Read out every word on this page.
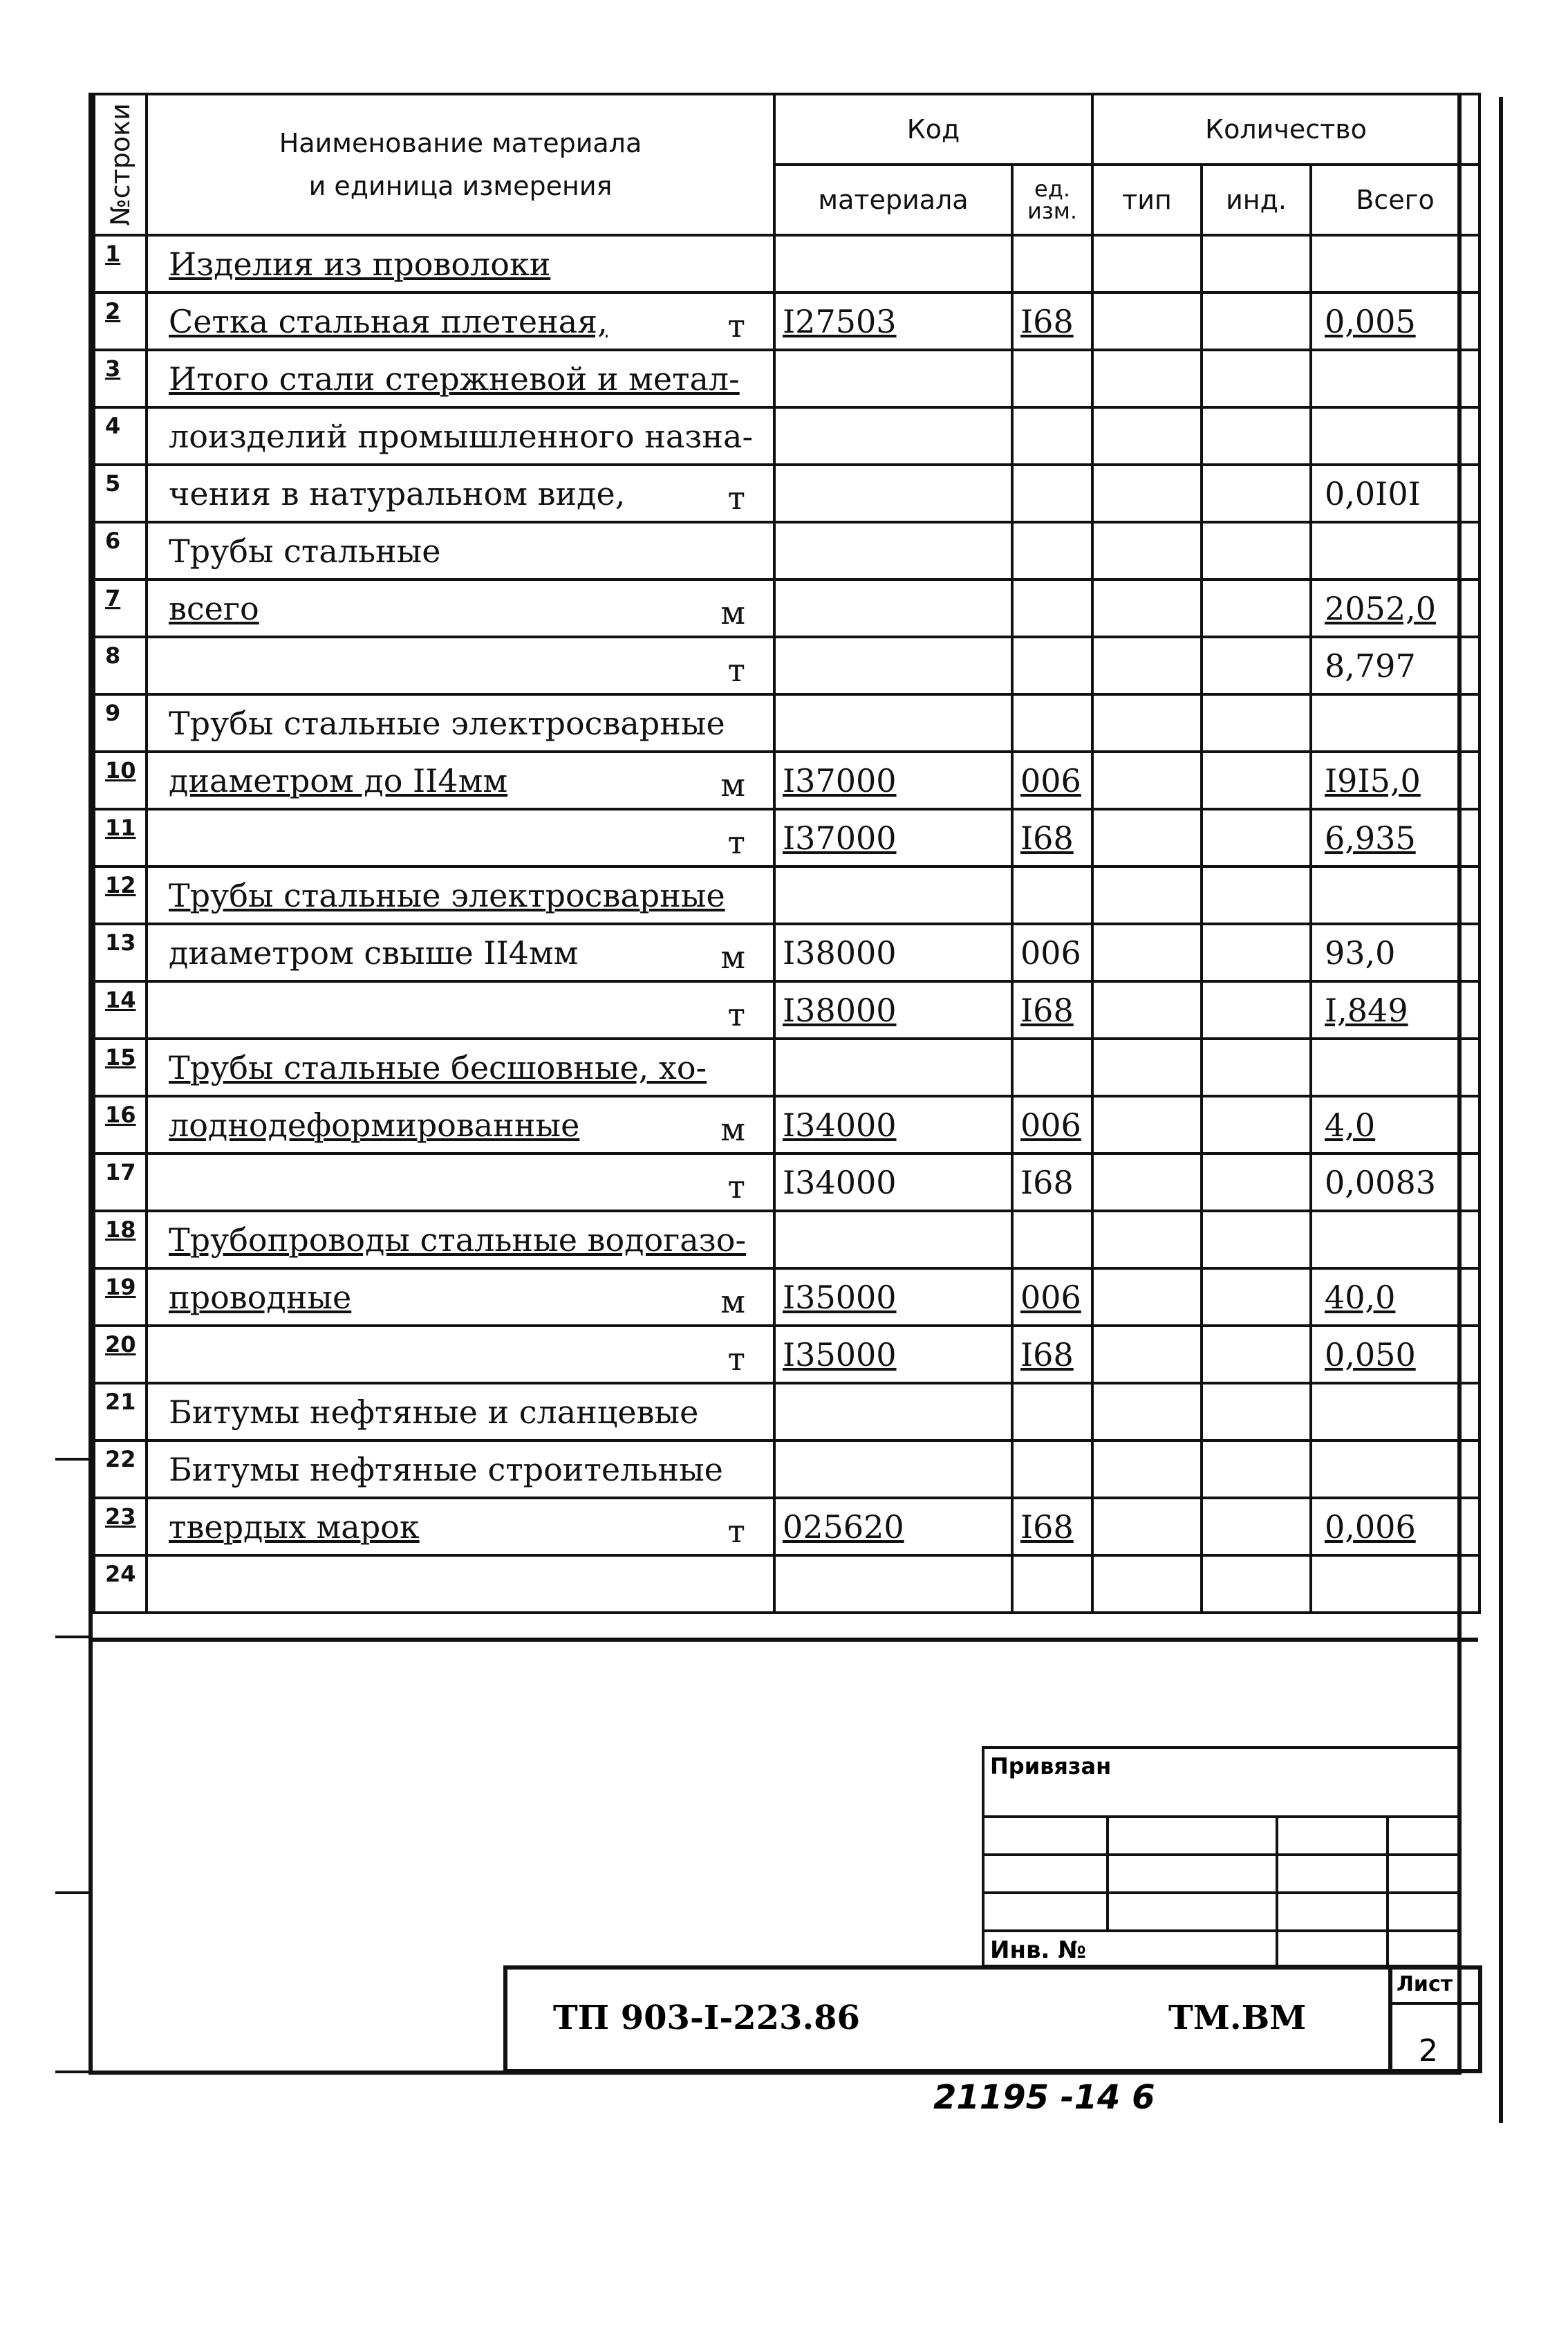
№строки	Наименование материала
и единица измерения	Код		Количество		
		материала	ед. изм.	тип	инд.	Всего
1	Изделия из проволоки

2	Сетка стальная плетеная, т	I27503	I68			0,005
3	Итого стали стержневой и метал-

4	лоизделий промышленного назна-

5	чения в натуральном виде, т					0,0I0I
6	Трубы стальные

7	всего м					2052,0
8	т					8,797
9	Трубы стальные электросварные

10	диаметром до II4мм м	I37000	006			I9I5,0
11	т	I37000	I68			6,935
12	Трубы стальные электросварные

13	диаметром свыше II4мм м	I38000	006			93,0
14	т	I38000	I68			I,849
15	Трубы стальные бесшовные, хо-

16	лоднодеформированные м	I34000	006			4,0
17	т	I34000	I68			0,0083
18	Трубопроводы стальные водогазо-

19	проводные м	I35000	006			40,0
20	т	I35000	I68			0,050
21	Битумы нефтяные и сланцевые

22	Битумы нефтяные строительные

23	твердых марок т	025620	I68			0,006
24	

Привязан
Инв. №
ТП 903-I-223.86	ТМ.ВМ
Лист
2
21195 -14 6
